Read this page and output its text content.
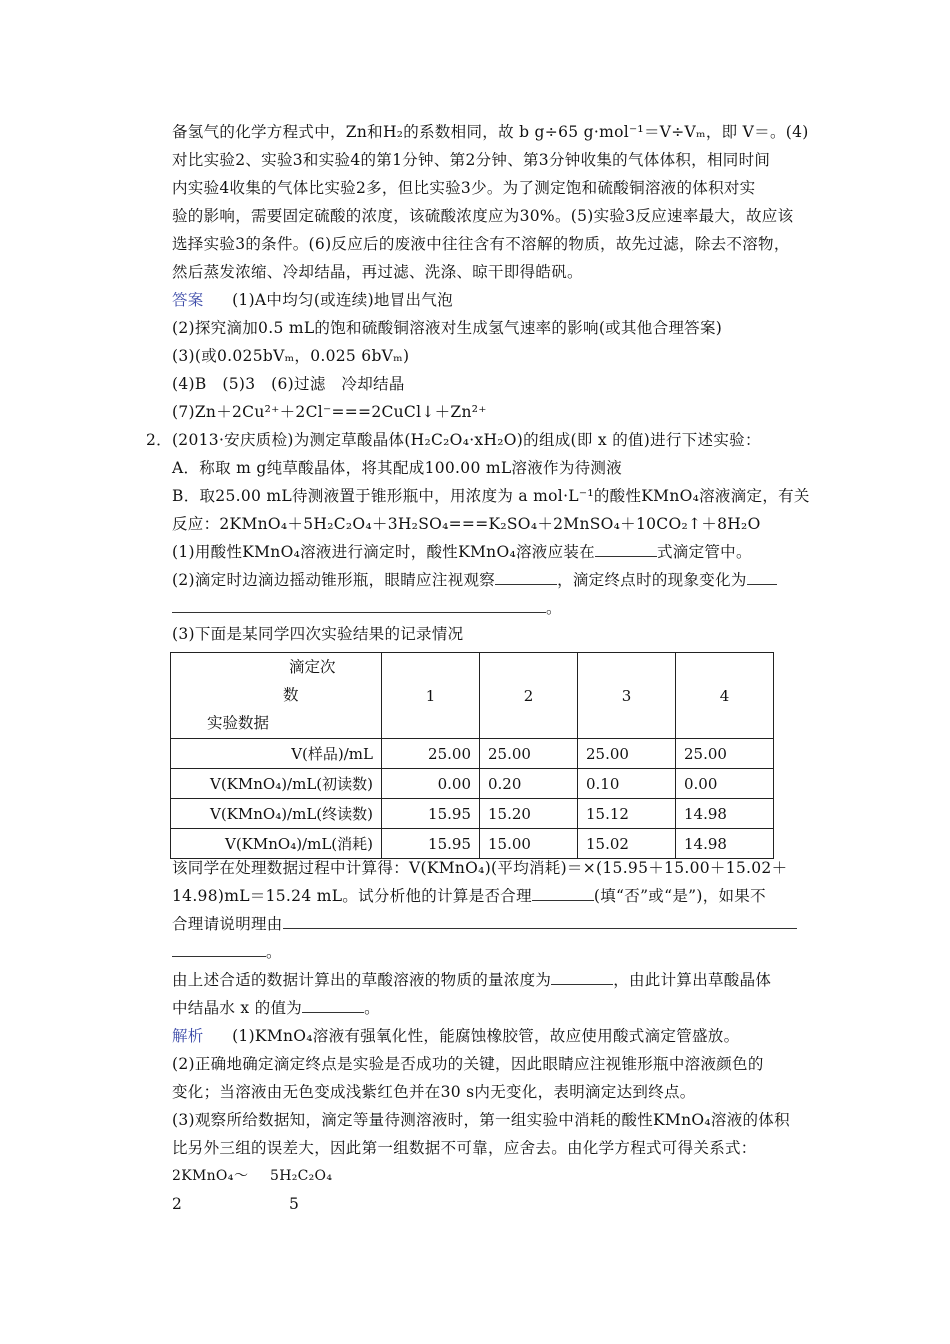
备氢气的化学方程式中，Zn和H₂的系数相同，故 b g÷65 g·mol⁻¹＝V÷Vₘ，即 V＝。(4)
对比实验2、实验3和实验4的第1分钟、第2分钟、第3分钟收集的气体体积，相同时间
内实验4收集的气体比实验2多，但比实验3少。为了测定饱和硫酸铜溶液的体积对实
验的影响，需要固定硫酸的浓度，该硫酸浓度应为30%。(5)实验3反应速率最大，故应该
选择实验3的条件。(6)反应后的废液中往往含有不溶解的物质，故先过滤，除去不溶物，
然后蒸发浓缩、冷却结晶，再过滤、洗涤、晾干即得皓矾。
答案 (1)A中均匀(或连续)地冒出气泡
(2)探究滴加0.5 mL的饱和硫酸铜溶液对生成氢气速率的影响(或其他合理答案)
(3)(或0.025bVₘ，0.025 6bVₘ)
(4)B　(5)3　(6)过滤　冷却结晶
(7)Zn＋2Cu²⁺＋2Cl⁻===2CuCl↓＋Zn²⁺
2．(2013·安庆质检)为测定草酸晶体(H₂C₂O₄·xH₂O)的组成(即 x 的值)进行下述实验：
A．称取 m g纯草酸晶体，将其配成100.00 mL溶液作为待测液
B．取25.00 mL待测液置于锥形瓶中，用浓度为 a mol·L⁻¹的酸性KMnO₄溶液滴定，有关
反应：2KMnO₄＋5H₂C₂O₄＋3H₂SO₄===K₂SO₄＋2MnSO₄＋10CO₂↑＋8H₂O
(1)用酸性KMnO₄溶液进行滴定时，酸性KMnO₄溶液应装在	式滴定管中。
(2)滴定时边滴边摇动锥形瓶，眼睛应注视观察	，滴定终点时的现象变化为
。
(3)下面是某同学四次实验结果的记录情况
滴定次
数
实验数据	1	2	3	4
V(样品)/mL	25.00	25.00	25.00	25.00
V(KMnO₄)/mL(初读数)	0.00	0.20	0.10	0.00
V(KMnO₄)/mL(终读数)	15.95	15.20	15.12	14.98
V(KMnO₄)/mL(消耗)	15.95	15.00	15.02	14.98
该同学在处理数据过程中计算得：V(KMnO₄)(平均消耗)＝×(15.95＋15.00＋15.02＋
14.98)mL＝15.24 mL。试分析他的计算是否合理	(填“否”或“是”)，如果不
合理请说明理由
。
由上述合适的数据计算出的草酸溶液的物质的量浓度为	，由此计算出草酸晶体
中结晶水 x 的值为	。
解析 (1)KMnO₄溶液有强氧化性，能腐蚀橡胶管，故应使用酸式滴定管盛放。
(2)正确地确定滴定终点是实验是否成功的关键，因此眼睛应注视锥形瓶中溶液颜色的
变化；当溶液由无色变成浅紫红色并在30 s内无变化，表明滴定达到终点。
(3)观察所给数据知，滴定等量待测溶液时，第一组实验中消耗的酸性KMnO₄溶液的体积
比另外三组的误差大，因此第一组数据不可靠，应舍去。由化学方程式可得关系式：
2KMnO₄ ～ 5H₂C₂O₄
2	5
